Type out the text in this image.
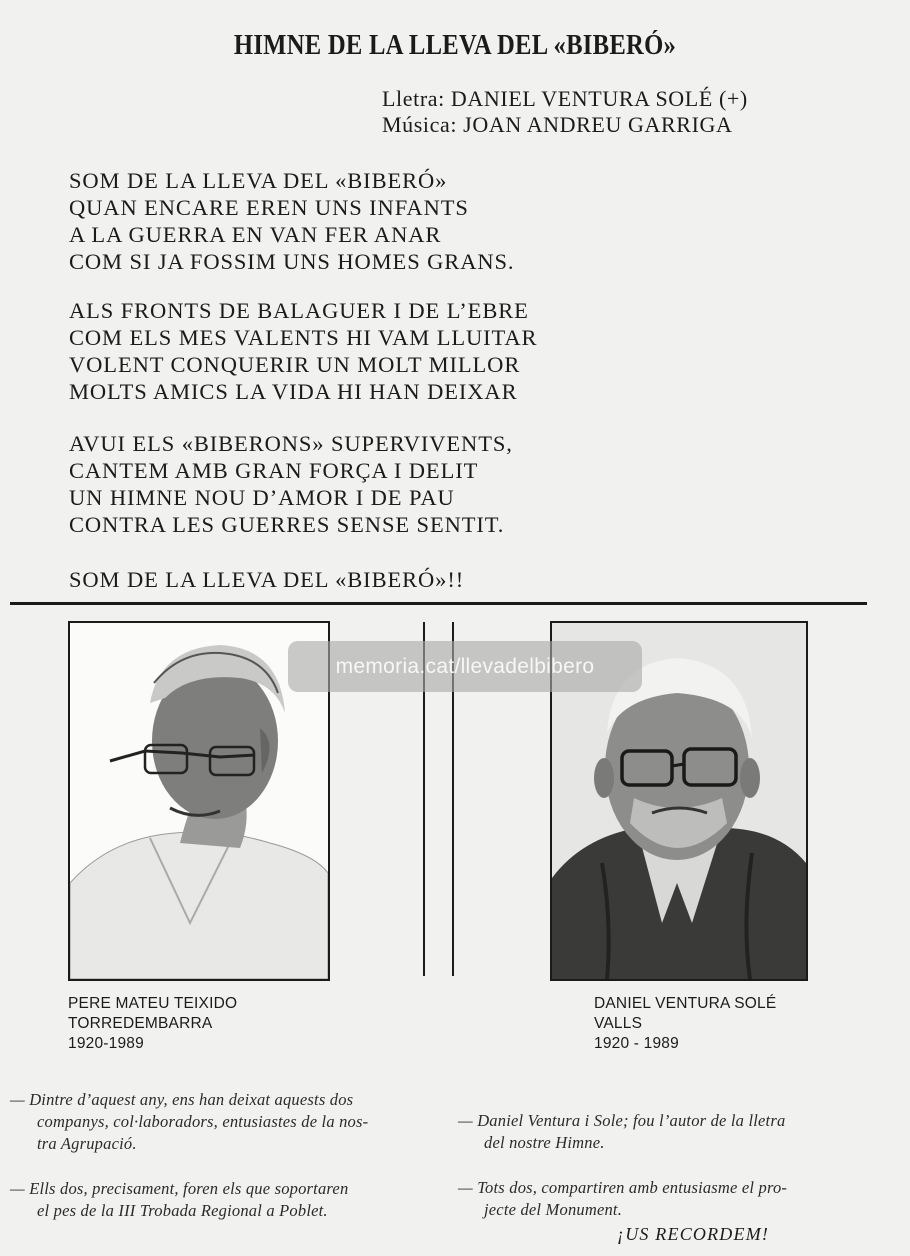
HIMNE DE LA LLEVA DEL «BIBERÓ»
Lletra: DANIEL VENTURA SOLÉ (+)
Música: JOAN ANDREU GARRIGA
SOM DE LA LLEVA DEL «BIBERÓ»
QUAN ENCARE EREN UNS INFANTS
A LA GUERRA EN VAN FER ANAR
COM SI JA FOSSIM UNS HOMES GRANS.
ALS FRONTS DE BALAGUER I DE L’EBRE
COM ELS MES VALENTS HI VAM LLUITAR
VOLENT CONQUERIR UN MOLT MILLOR
MOLTS AMICS LA VIDA HI HAN DEIXAR
AVUI ELS «BIBERONS» SUPERVIVENTS,
CANTEM AMB GRAN FORÇA I DELIT
UN HIMNE NOU D’AMOR I DE PAU
CONTRA LES GUERRES SENSE SENTIT.
SOM DE LA LLEVA DEL «BIBERÓ»!!
PERE MATEU TEIXIDO
TORREDEMBARRA
1920-1989
DANIEL VENTURA SOLÉ
VALLS
1920 - 1989
— Dintre d’aquest any, ens han deixat aquests dos
companys, col·laboradors, entusiastes de la nos-
tra Agrupació.
— Ells dos, precisament, foren els que soportaren
el pes de la III Trobada Regional a Poblet.
— Daniel Ventura i Sole; fou l’autor de la lletra
del nostre Himne.
— Tots dos, compartiren amb entusiasme el pro-
jecte del Monument.
¡US RECORDEM!
memoria.cat/llevadelbibero
